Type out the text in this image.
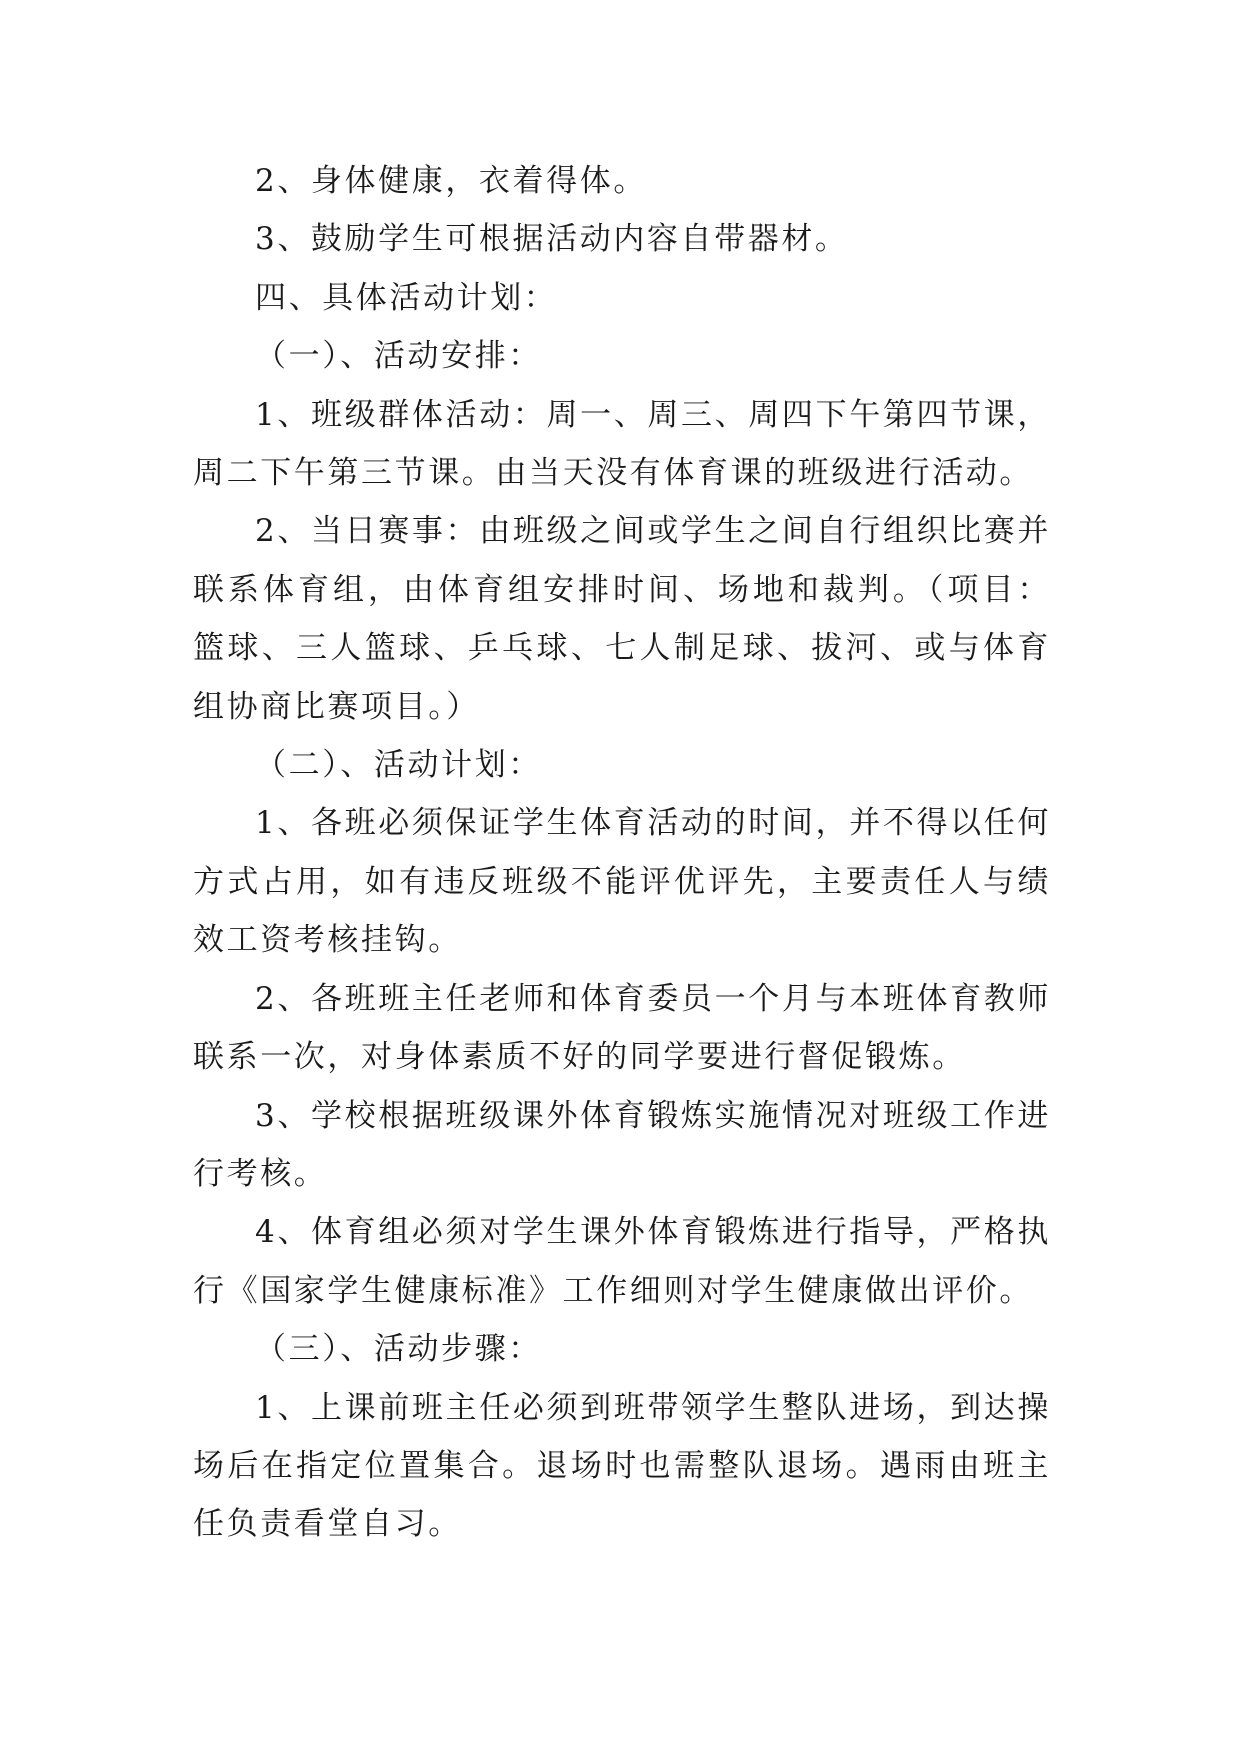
2、身体健康，衣着得体。

3、鼓励学生可根据活动内容自带器材。

四、具体活动计划：

（一）、活动安排：

1、班级群体活动：周一、周三、周四下午第四节课，周二下午第三节课。由当天没有体育课的班级进行活动。

2、当日赛事：由班级之间或学生之间自行组织比赛并联系体育组，由体育组安排时间、场地和裁判。（项目：篮球、三人篮球、乒乓球、七人制足球、拔河、或与体育组协商比赛项目。）

（二）、活动计划：

1、各班必须保证学生体育活动的时间，并不得以任何方式占用，如有违反班级不能评优评先，主要责任人与绩效工资考核挂钩。

2、各班班主任老师和体育委员一个月与本班体育教师联系一次，对身体素质不好的同学要进行督促锻炼。

3、学校根据班级课外体育锻炼实施情况对班级工作进行考核。

4、体育组必须对学生课外体育锻炼进行指导，严格执行《国家学生健康标准》工作细则对学生健康做出评价。

（三）、活动步骤：

1、上课前班主任必须到班带领学生整队进场，到达操场后在指定位置集合。退场时也需整队退场。遇雨由班主任负责看堂自习。
